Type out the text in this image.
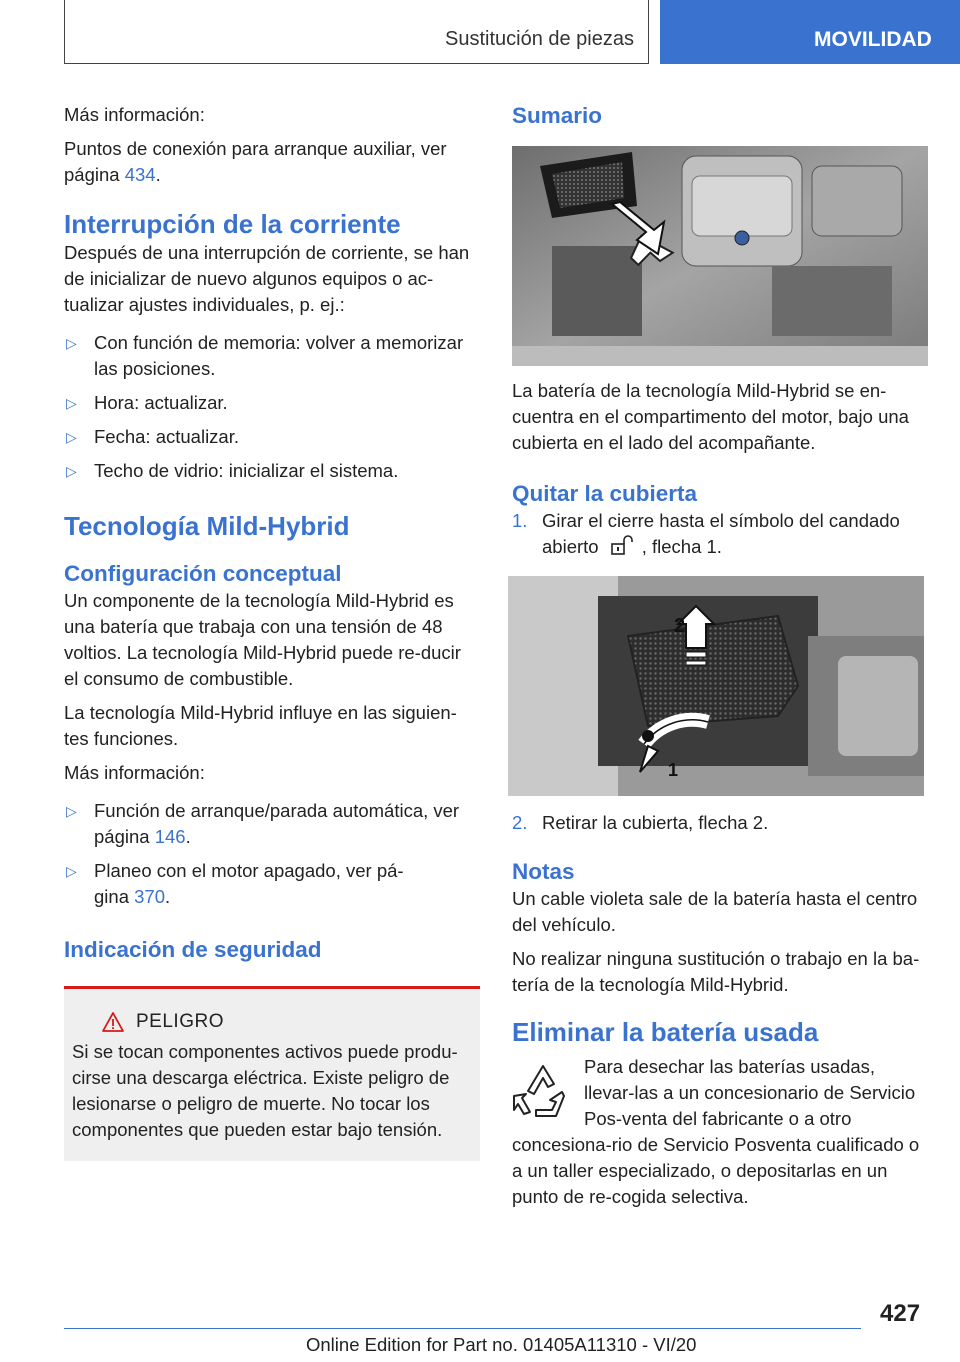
Sustitución de piezas	MOVILIDAD

Más información:

Puntos de conexión para arranque auxiliar, ver
página 434.

Interrupción de la corriente

Después de una interrupción de corriente, se han de inicializar de nuevo algunos equipos o ac-tualizar ajustes individuales, p. ej.:

▷ Con función de memoria: volver a memorizar las posiciones.
▷ Hora: actualizar.
▷ Fecha: actualizar.
▷ Techo de vidrio: inicializar el sistema.
Tecnología Mild-Hybrid
Configuración conceptual

Un componente de la tecnología Mild-Hybrid es una batería que trabaja con una tensión de 48 voltios. La tecnología Mild-Hybrid puede re-ducir el consumo de combustible.

La tecnología Mild-Hybrid influye en las siguien-tes funciones.

Más información:

▷ Función de arranque/parada automática, ver
página 146.
▷ Planeo con el motor apagado, ver pá-
gina 370.
Indicación de seguridad
PELIGRO

Si se tocan componentes activos puede produ-cirse una descarga eléctrica. Existe peligro de lesionarse o peligro de muerte. No tocar los componentes que pueden estar bajo tensión.

Sumario

La batería de la tecnología Mild-Hybrid se en-cuentra en el compartimento del motor, bajo una cubierta en el lado del acompañante.

Quitar la cubierta
1. Girar el cierre hasta el símbolo del candado abierto , flecha 1.
2
1
2. Retirar la cubierta, flecha 2.
Notas

Un cable violeta sale de la batería hasta el centro del vehículo.

No realizar ninguna sustitución o trabajo en la ba-tería de la tecnología Mild-Hybrid.

Eliminar la batería usada

Para desechar las baterías usadas, llevar-las a un concesionario de Servicio Pos-venta del fabricante o a otro concesiona-rio de Servicio Posventa cualificado o a un taller especializado, o depositarlas en un punto de re-cogida selectiva.

427
Online Edition for Part no. 01405A11310 - VI/20
